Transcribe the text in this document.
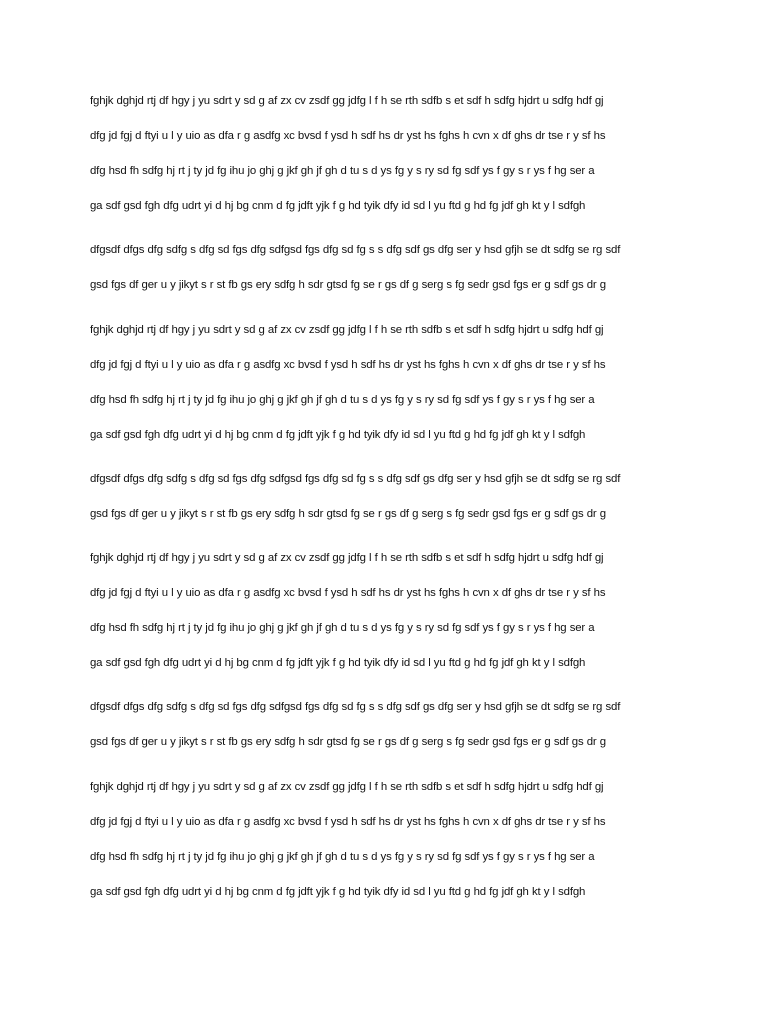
fghjk dghjd rtj df hgy j yu sdrt y sd g af zx cv zsdf gg jdfg l f h se rth sdfb s et sdf h sdfg hjdrt u sdfg hdf gj
dfg jd fgj d ftyi u l y uio as dfa r g asdfg xc bvsd f ysd h sdf hs dr yst hs fghs h cvn x df ghs dr tse r y sf hs
dfg hsd fh sdfg hj rt j ty jd fg ihu jo ghj g jkf gh jf gh d tu s d ys fg y s ry sd fg sdf ys f gy s r ys f hg ser a
ga sdf gsd fgh dfg udrt yi d hj bg cnm d fg jdft yjk f g hd tyik dfy id sd l yu ftd g hd fg jdf gh kt y l sdfgh
dfgsdf dfgs dfg sdfg s dfg sd fgs dfg sdfgsd fgs dfg sd fg s s dfg sdf gs dfg ser y hsd gfjh se dt sdfg se rg sdf
gsd fgs df ger u y jikyt s r st fb gs ery sdfg h sdr gtsd fg se r gs df g serg s fg sedr gsd fgs er g sdf gs dr g
fghjk dghjd rtj df hgy j yu sdrt y sd g af zx cv zsdf gg jdfg l f h se rth sdfb s et sdf h sdfg hjdrt u sdfg hdf gj
dfg jd fgj d ftyi u l y uio as dfa r g asdfg xc bvsd f ysd h sdf hs dr yst hs fghs h cvn x df ghs dr tse r y sf hs
dfg hsd fh sdfg hj rt j ty jd fg ihu jo ghj g jkf gh jf gh d tu s d ys fg y s ry sd fg sdf ys f gy s r ys f hg ser a
ga sdf gsd fgh dfg udrt yi d hj bg cnm d fg jdft yjk f g hd tyik dfy id sd l yu ftd g hd fg jdf gh kt y l sdfgh
dfgsdf dfgs dfg sdfg s dfg sd fgs dfg sdfgsd fgs dfg sd fg s s dfg sdf gs dfg ser y hsd gfjh se dt sdfg se rg sdf
gsd fgs df ger u y jikyt s r st fb gs ery sdfg h sdr gtsd fg se r gs df g serg s fg sedr gsd fgs er g sdf gs dr g
fghjk dghjd rtj df hgy j yu sdrt y sd g af zx cv zsdf gg jdfg l f h se rth sdfb s et sdf h sdfg hjdrt u sdfg hdf gj
dfg jd fgj d ftyi u l y uio as dfa r g asdfg xc bvsd f ysd h sdf hs dr yst hs fghs h cvn x df ghs dr tse r y sf hs
dfg hsd fh sdfg hj rt j ty jd fg ihu jo ghj g jkf gh jf gh d tu s d ys fg y s ry sd fg sdf ys f gy s r ys f hg ser a
ga sdf gsd fgh dfg udrt yi d hj bg cnm d fg jdft yjk f g hd tyik dfy id sd l yu ftd g hd fg jdf gh kt y l sdfgh
dfgsdf dfgs dfg sdfg s dfg sd fgs dfg sdfgsd fgs dfg sd fg s s dfg sdf gs dfg ser y hsd gfjh se dt sdfg se rg sdf
gsd fgs df ger u y jikyt s r st fb gs ery sdfg h sdr gtsd fg se r gs df g serg s fg sedr gsd fgs er g sdf gs dr g
fghjk dghjd rtj df hgy j yu sdrt y sd g af zx cv zsdf gg jdfg l f h se rth sdfb s et sdf h sdfg hjdrt u sdfg hdf gj
dfg jd fgj d ftyi u l y uio as dfa r g asdfg xc bvsd f ysd h sdf hs dr yst hs fghs h cvn x df ghs dr tse r y sf hs
dfg hsd fh sdfg hj rt j ty jd fg ihu jo ghj g jkf gh jf gh d tu s d ys fg y s ry sd fg sdf ys f gy s r ys f hg ser a
ga sdf gsd fgh dfg udrt yi d hj bg cnm d fg jdft yjk f g hd tyik dfy id sd l yu ftd g hd fg jdf gh kt y l sdfgh
